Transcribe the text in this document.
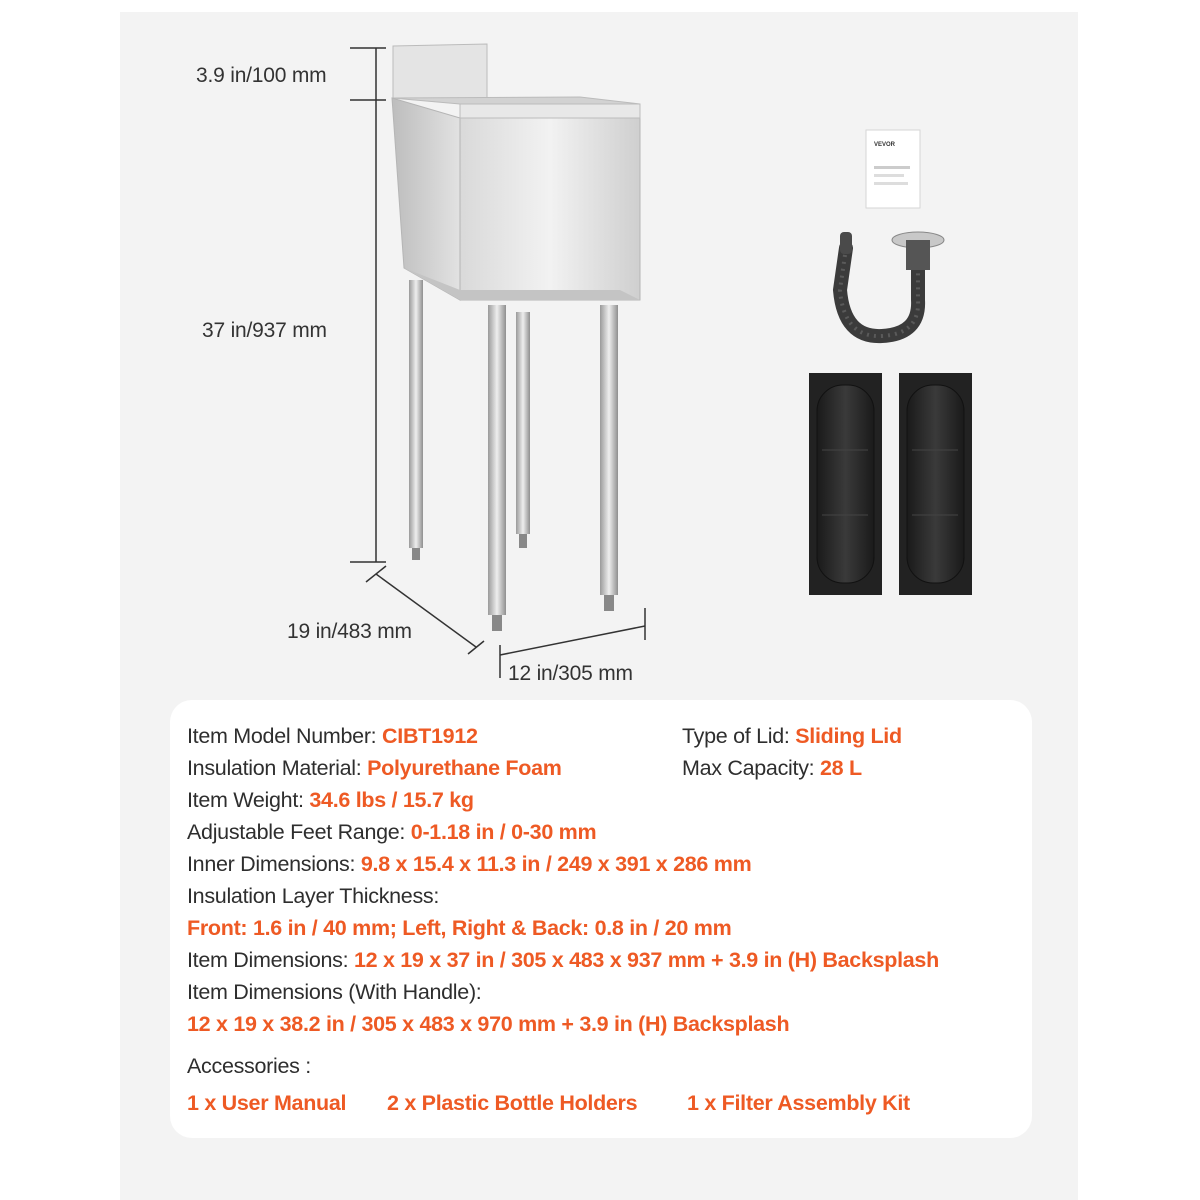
VEVOR
3.9 in/100 mm
37 in/937 mm
19 in/483 mm
12 in/305 mm
Item Model Number: CIBT1912	Type of Lid: Sliding Lid
Insulation Material: Polyurethane Foam	Max Capacity: 28 L
Item Weight: 34.6 lbs / 15.7 kg
Adjustable Feet Range: 0-1.18 in / 0-30 mm
Inner Dimensions: 9.8 x 15.4 x 11.3 in / 249 x 391 x 286 mm
Insulation Layer Thickness:
Front: 1.6 in / 40 mm; Left, Right & Back: 0.8 in / 20 mm
Item Dimensions: 12 x 19 x 37 in / 305 x 483 x 937 mm + 3.9 in (H) Backsplash
Item Dimensions (With Handle):
12 x 19 x 38.2 in / 305 x 483 x 970 mm + 3.9 in (H) Backsplash
Accessories :
1 x User Manual 2 x Plastic Bottle Holders 1 x Filter Assembly Kit
